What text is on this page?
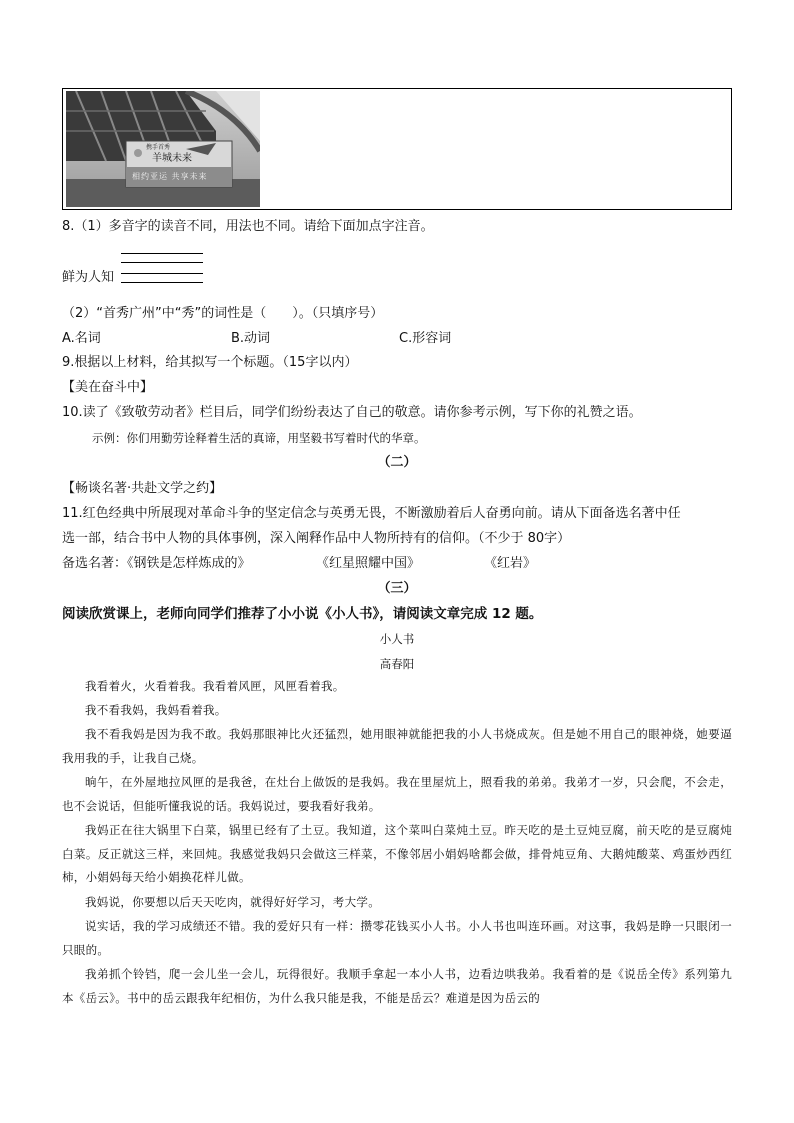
携手首秀
羊城未来
相约亚运 共享未来
8.（1）多音字的读音不同，用法也不同。请给下面加点字注音。
鲜为人知
（2）“首秀广州”中“秀”的词性是（　　）。（只填序号）
A.名词	B.动词	C.形容词
9.根据以上材料，给其拟写一个标题。（15字以内）
【美在奋斗中】
10.读了《致敬劳动者》栏目后，同学们纷纷表达了自己的敬意。请你参考示例，写下你的礼赞之语。
示例：你们用勤劳诠释着生活的真谛，用坚毅书写着时代的华章。
（二）
【畅谈名著·共赴文学之约】
11.红色经典中所展现对革命斗争的坚定信念与英勇无畏，不断激励着后人奋勇向前。请从下面备选名著中任
选一部，结合书中人物的具体事例，深入阐释作品中人物所持有的信仰。（不少于 80字）
备选名著：《钢铁是怎样炼成的》	《红星照耀中国》	《红岩》
（三）
阅读欣赏课上，老师向同学们推荐了小小说《小人书》，请阅读文章完成 12 题。
小人书
高春阳
我看着火，火看着我。我看着风匣，风匣看着我。
我不看我妈，我妈看着我。
我不看我妈是因为我不敢。我妈那眼神比火还猛烈，她用眼神就能把我的小人书烧成灰。但是她不用自己的眼神烧，她要逼我用我的手，让我自己烧。
晌午，在外屋地拉风匣的是我爸，在灶台上做饭的是我妈。我在里屋炕上，照看我的弟弟。我弟才一岁，只会爬，不会走，也不会说话，但能听懂我说的话。我妈说过，要我看好我弟。
我妈正在往大锅里下白菜，锅里已经有了土豆。我知道，这个菜叫白菜炖土豆。昨天吃的是土豆炖豆腐，前天吃的是豆腐炖白菜。反正就这三样，来回炖。我感觉我妈只会做这三样菜，不像邻居小娟妈啥都会做，排骨炖豆角、大鹅炖酸菜、鸡蛋炒西红柿，小娟妈每天给小娟换花样儿做。
我妈说，你要想以后天天吃肉，就得好好学习，考大学。
说实话，我的学习成绩还不错。我的爱好只有一样：攒零花钱买小人书。小人书也叫连环画。对这事，我妈是睁一只眼闭一只眼的。
我弟抓个铃铛，爬一会儿坐一会儿，玩得很好。我顺手拿起一本小人书，边看边哄我弟。我看着的是《说岳全传》系列第九本《岳云》。书中的岳云跟我年纪相仿，为什么我只能是我，不能是岳云？难道是因为岳云的
